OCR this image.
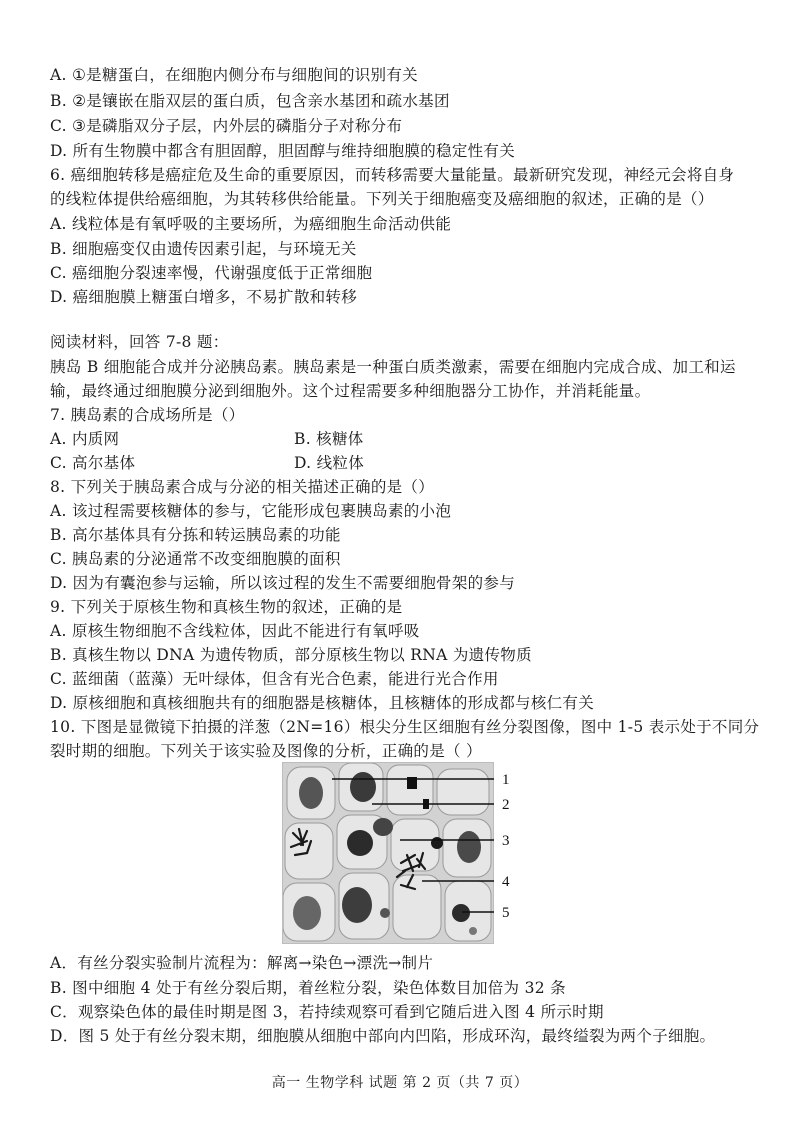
A. ①是糖蛋白，在细胞内侧分布与细胞间的识别有关
B. ②是镶嵌在脂双层的蛋白质，包含亲水基团和疏水基团
C. ③是磷脂双分子层，内外层的磷脂分子对称分布
D. 所有生物膜中都含有胆固醇，胆固醇与维持细胞膜的稳定性有关
6. 癌细胞转移是癌症危及生命的重要原因，而转移需要大量能量。最新研究发现，神经元会将自身
的线粒体提供给癌细胞，为其转移供给能量。下列关于细胞癌变及癌细胞的叙述，正确的是（）
A. 线粒体是有氧呼吸的主要场所，为癌细胞生命活动供能
B. 细胞癌变仅由遗传因素引起，与环境无关
C. 癌细胞分裂速率慢，代谢强度低于正常细胞
D. 癌细胞膜上糖蛋白增多，不易扩散和转移
阅读材料，回答 7-8 题：
胰岛 B 细胞能合成并分泌胰岛素。胰岛素是一种蛋白质类激素，需要在细胞内完成合成、加工和运
输，最终通过细胞膜分泌到细胞外。这个过程需要多种细胞器分工协作，并消耗能量。
7. 胰岛素的合成场所是（）
A. 内质网	B. 核糖体
C. 高尔基体	D. 线粒体
8. 下列关于胰岛素合成与分泌的相关描述正确的是（）
A. 该过程需要核糖体的参与，它能形成包裹胰岛素的小泡
B. 高尔基体具有分拣和转运胰岛素的功能
C. 胰岛素的分泌通常不改变细胞膜的面积
D. 因为有囊泡参与运输，所以该过程的发生不需要细胞骨架的参与
9. 下列关于原核生物和真核生物的叙述，正确的是
A. 原核生物细胞不含线粒体，因此不能进行有氧呼吸
B. 真核生物以 DNA 为遗传物质，部分原核生物以 RNA 为遗传物质
C. 蓝细菌（蓝藻）无叶绿体，但含有光合色素，能进行光合作用
D. 原核细胞和真核细胞共有的细胞器是核糖体，且核糖体的形成都与核仁有关
10. 下图是显微镜下拍摄的洋葱（2N=16）根尖分生区细胞有丝分裂图像，图中 1-5 表示处于不同分
裂时期的细胞。下列关于该实验及图像的分析，正确的是（ ）
1
2
3
4
5
A．有丝分裂实验制片流程为：解离→染色→漂洗→制片
B. 图中细胞 4 处于有丝分裂后期，着丝粒分裂，染色体数目加倍为 32 条
C．观察染色体的最佳时期是图 3，若持续观察可看到它随后进入图 4 所示时期
D．图 5 处于有丝分裂末期，细胞膜从细胞中部向内凹陷，形成环沟，最终缢裂为两个子细胞。
高一 生物学科 试题 第 2 页（共 7 页）
